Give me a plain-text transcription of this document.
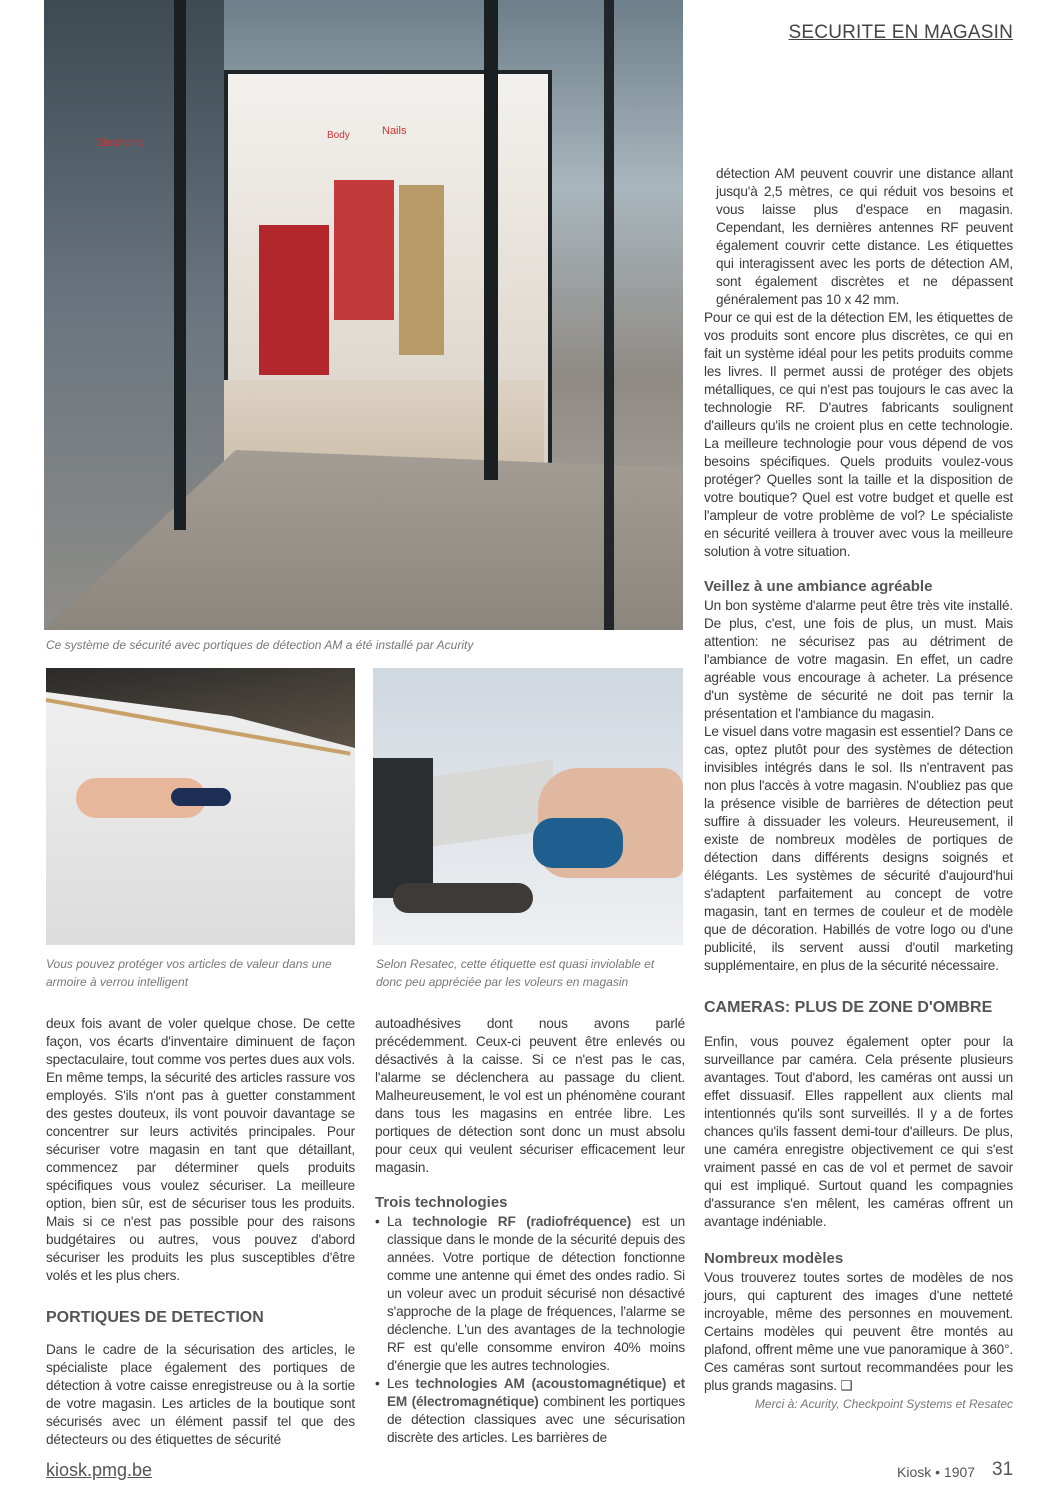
SECURITE EN MAGASIN
Electronic
Body	Nails
Ce système de sécurité avec portiques de détection AM a été installé par Acurity
Vous pouvez protéger vos articles de valeur dans une armoire à verrou intelligent
Selon Resatec, cette étiquette est quasi inviolable et donc peu appréciée par les voleurs en magasin

deux fois avant de voler quelque chose. De cette façon, vos écarts d'inventaire diminuent de façon spectaculaire, tout comme vos pertes dues aux vols. En même temps, la sécurité des articles rassure vos employés. S'ils n'ont pas à guetter constamment des gestes douteux, ils vont pouvoir davantage se concentrer sur leurs activités principales. Pour sécuriser votre magasin en tant que détaillant, commencez par déterminer quels produits spécifiques vous voulez sécuriser. La meilleure option, bien sûr, est de sécuriser tous les produits. Mais si ce n'est pas possible pour des raisons budgétaires ou autres, vous pouvez d'abord sécuriser les produits les plus susceptibles d'être volés et les plus chers.

PORTIQUES DE DETECTION

Dans le cadre de la sécurisation des articles, le spécialiste place également des portiques de détection à votre caisse enregistreuse ou à la sortie de votre magasin. Les articles de la boutique sont sécurisés avec un élément passif tel que des détecteurs ou des étiquettes de sécurité

autoadhésives dont nous avons parlé précédemment. Ceux-ci peuvent être enlevés ou désactivés à la caisse. Si ce n'est pas le cas, l'alarme se déclenchera au passage du client. Malheureusement, le vol est un phénomène courant dans tous les magasins en entrée libre. Les portiques de détection sont donc un must absolu pour ceux qui veulent sécuriser efficacement leur magasin.

Trois technologies
• La technologie RF (radiofréquence) est un classique dans le monde de la sécurité depuis des années. Votre portique de détection fonctionne comme une antenne qui émet des ondes radio. Si un voleur avec un produit sécurisé non désactivé s'approche de la plage de fréquences, l'alarme se déclenche. L'un des avantages de la technologie RF est qu'elle consomme environ 40% moins d'énergie que les autres technologies.
• Les technologies AM (acoustomagnétique) et EM (électromagnétique) combinent les portiques de détection classiques avec une sécurisation discrète des articles. Les barrières de

détection AM peuvent couvrir une distance allant jusqu'à 2,5 mètres, ce qui réduit vos besoins et vous laisse plus d'espace en magasin. Cependant, les dernières antennes RF peuvent également couvrir cette distance. Les étiquettes qui interagissent avec les ports de détection AM, sont également discrètes et ne dépassent généralement pas 10 x 42 mm.

Pour ce qui est de la détection EM, les étiquettes de vos produits sont encore plus discrètes, ce qui en fait un système idéal pour les petits produits comme les livres. Il permet aussi de protéger des objets métalliques, ce qui n'est pas toujours le cas avec la technologie RF. D'autres fabricants soulignent d'ailleurs qu'ils ne croient plus en cette technologie. La meilleure technologie pour vous dépend de vos besoins spécifiques. Quels produits voulez-vous protéger? Quelles sont la taille et la disposition de votre boutique? Quel est votre budget et quelle est l'ampleur de votre problème de vol? Le spécialiste en sécurité veillera à trouver avec vous la meilleure solution à votre situation.

Veillez à une ambiance agréable

Un bon système d'alarme peut être très vite installé. De plus, c'est, une fois de plus, un must. Mais attention: ne sécurisez pas au détriment de l'ambiance de votre magasin. En effet, un cadre agréable vous encourage à acheter. La présence d'un système de sécurité ne doit pas ternir la présentation et l'ambiance du magasin.

Le visuel dans votre magasin est essentiel? Dans ce cas, optez plutôt pour des systèmes de détection invisibles intégrés dans le sol. Ils n'entravent pas non plus l'accès à votre magasin. N'oubliez pas que la présence visible de barrières de détection peut suffire à dissuader les voleurs. Heureusement, il existe de nombreux modèles de portiques de détection dans différents designs soignés et élégants. Les systèmes de sécurité d'aujourd'hui s'adaptent parfaitement au concept de votre magasin, tant en termes de couleur et de modèle que de décoration. Habillés de votre logo ou d'une publicité, ils servent aussi d'outil marketing supplémentaire, en plus de la sécurité nécessaire.

CAMERAS: PLUS DE ZONE D'OMBRE

Enfin, vous pouvez également opter pour la surveillance par caméra. Cela présente plusieurs avantages. Tout d'abord, les caméras ont aussi un effet dissuasif. Elles rappellent aux clients mal intentionnés qu'ils sont surveillés. Il y a de fortes chances qu'ils fassent demi-tour d'ailleurs. De plus, une caméra enregistre objectivement ce qui s'est vraiment passé en cas de vol et permet de savoir qui est impliqué. Surtout quand les compagnies d'assurance s'en mêlent, les caméras offrent un avantage indéniable.

Nombreux modèles

Vous trouverez toutes sortes de modèles de nos jours, qui capturent des images d'une netteté incroyable, même des personnes en mouvement. Certains modèles qui peuvent être montés au plafond, offrent même une vue panoramique à 360°. Ces caméras sont surtout recommandées pour les plus grands magasins. ❑

Merci à: Acurity, Checkpoint Systems et Resatec
kiosk.pmg.be	Kiosk • 1907 31
